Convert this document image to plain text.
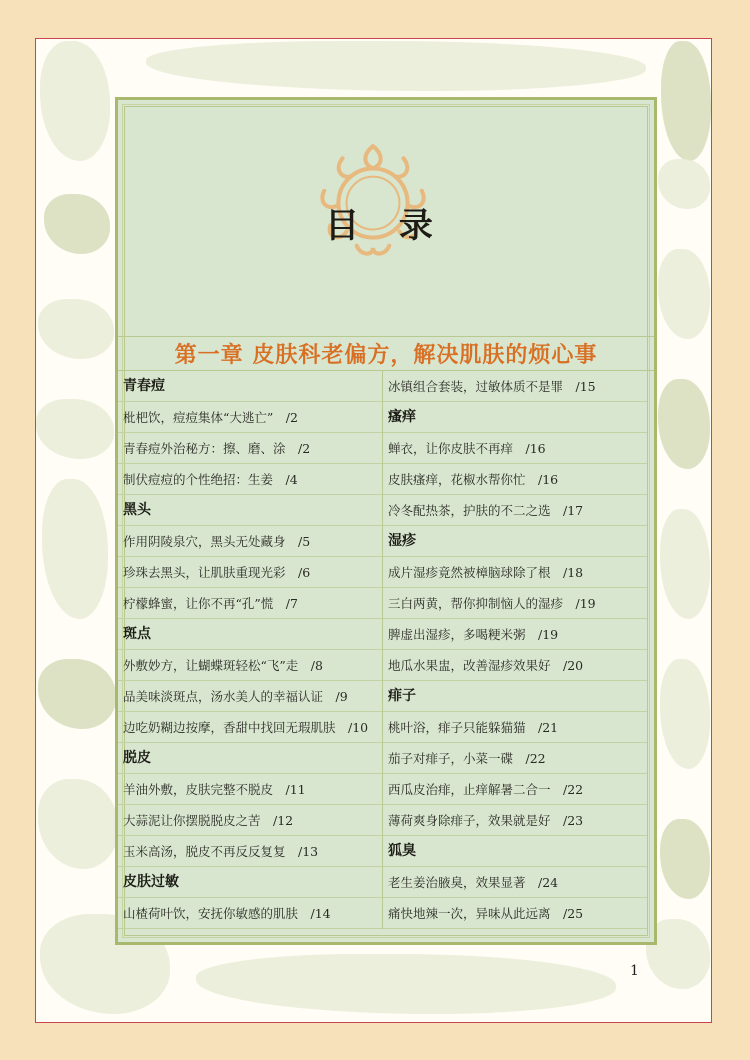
目 录
第一章 皮肤科老偏方，解决肌肤的烦心事
青春痘
枇杷饮，痘痘集体“大逃亡”　/2
青春痘外治秘方：擦、磨、涂　/2
制伏痘痘的个性绝招：生姜　/4
黑头
作用阴陵泉穴，黑头无处藏身　/5
珍珠去黑头，让肌肤重现光彩　/6
柠檬蜂蜜，让你不再“孔”慌　/7
斑点
外敷妙方，让蝴蝶斑轻松“飞”走　/8
品美味淡斑点，汤水美人的幸福认证　/9
边吃奶糊边按摩，香甜中找回无瑕肌肤　/10
脱皮
羊油外敷，皮肤完整不脱皮　/11
大蒜泥让你摆脱脱皮之苦　/12
玉米高汤，脱皮不再反反复复　/13
皮肤过敏
山楂荷叶饮，安抚你敏感的肌肤　/14
冰镇组合套装，过敏体质不是罪　/15
瘙痒
蝉衣，让你皮肤不再痒　/16
皮肤瘙痒，花椒水帮你忙　/16
冷冬配热茶，护肤的不二之选　/17
湿疹
成片湿疹竟然被樟脑球除了根　/18
三白两黄，帮你抑制恼人的湿疹　/19
脾虚出湿疹，多喝粳米粥　/19
地瓜水果盅，改善湿疹效果好　/20
痱子
桃叶浴，痱子只能躲猫猫　/21
茄子对痱子，小菜一碟　/22
西瓜皮治痱，止痒解暑二合一　/22
薄荷爽身除痱子，效果就是好　/23
狐臭
老生姜治腋臭，效果显著　/24
痛快地辣一次，异味从此远离　/25
1
